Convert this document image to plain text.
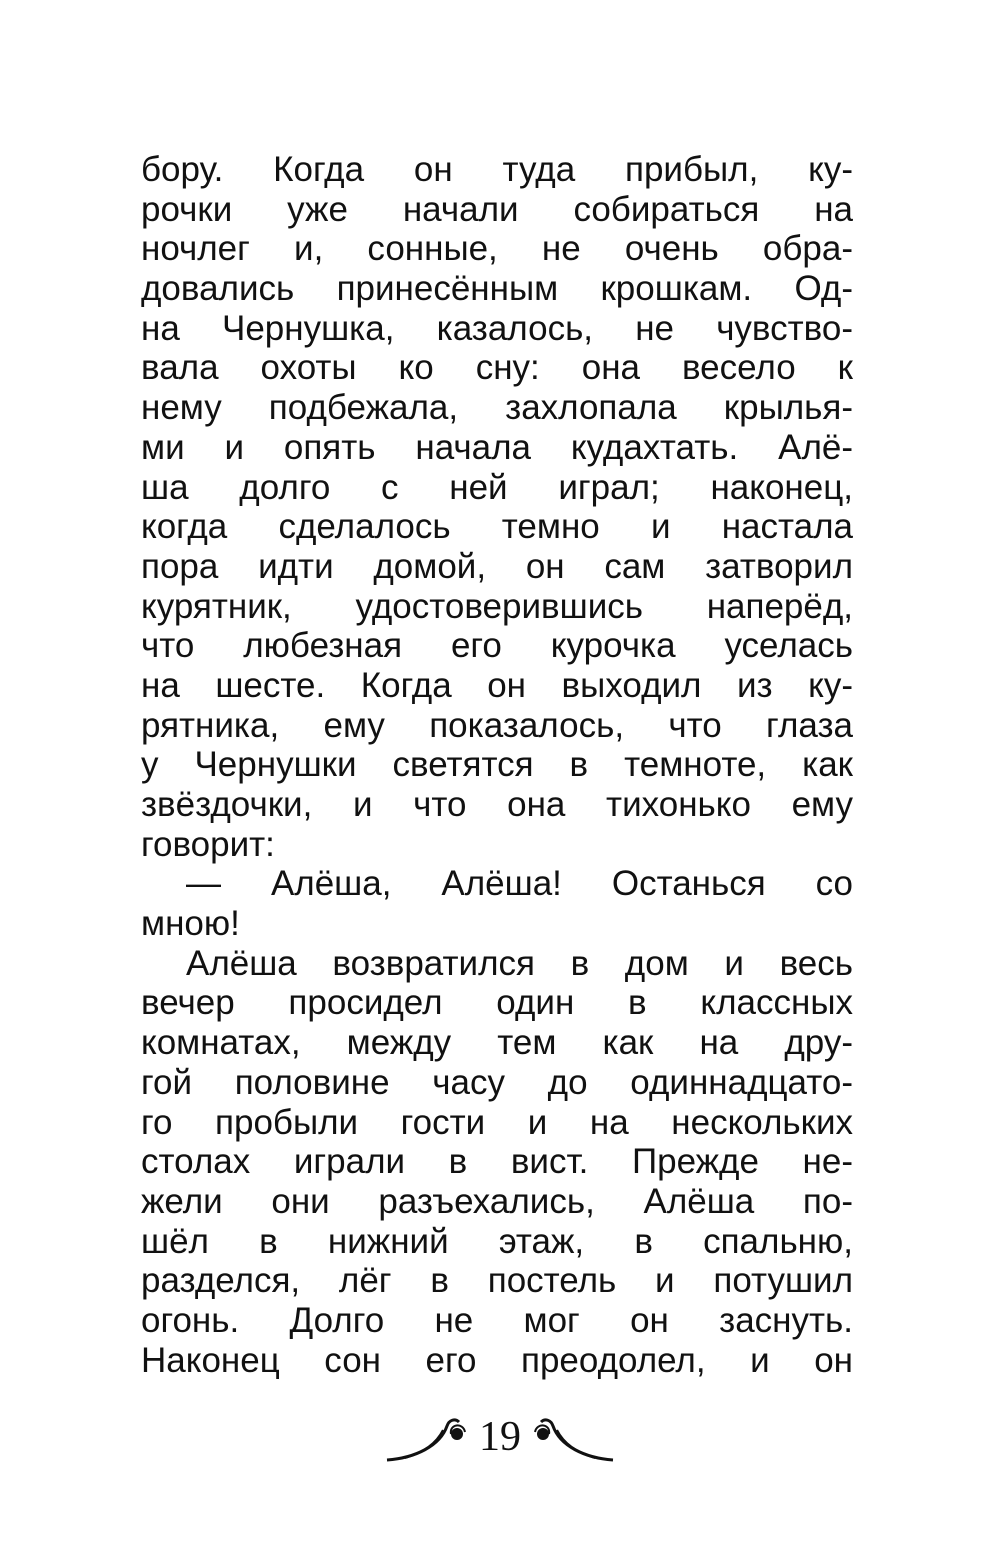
бору. Когда он туда прибыл, ку-
рочки уже начали собираться на
ночлег и, сонные, не очень обра-
довались принесённым крошкам. Од-
на Чернушка, казалось, не чувство-
вала охоты ко сну: она весело к
нему подбежала, захлопала крылья-
ми и опять начала кудахтать. Алё-
ша долго с ней играл; наконец,
когда сделалось темно и настала
пора идти домой, он сам затворил
курятник, удостоверившись наперёд,
что любезная его курочка уселась
на шесте. Когда он выходил из ку-
рятника, ему показалось, что глаза
у Чернушки светятся в темноте, как
звёздочки, и что она тихонько ему
говорит:
— Алёша, Алёша! Останься со
мною!
Алёша возвратился в дом и весь
вечер просидел один в классных
комнатах, между тем как на дру-
гой половине часу до одиннадцато-
го пробыли гости и на нескольких
столах играли в вист. Прежде не-
жели они разъехались, Алёша по-
шёл в нижний этаж, в спальню,
разделся, лёг в постель и потушил
огонь. Долго не мог он заснуть.
Наконец сон его преодолел, и он
19
